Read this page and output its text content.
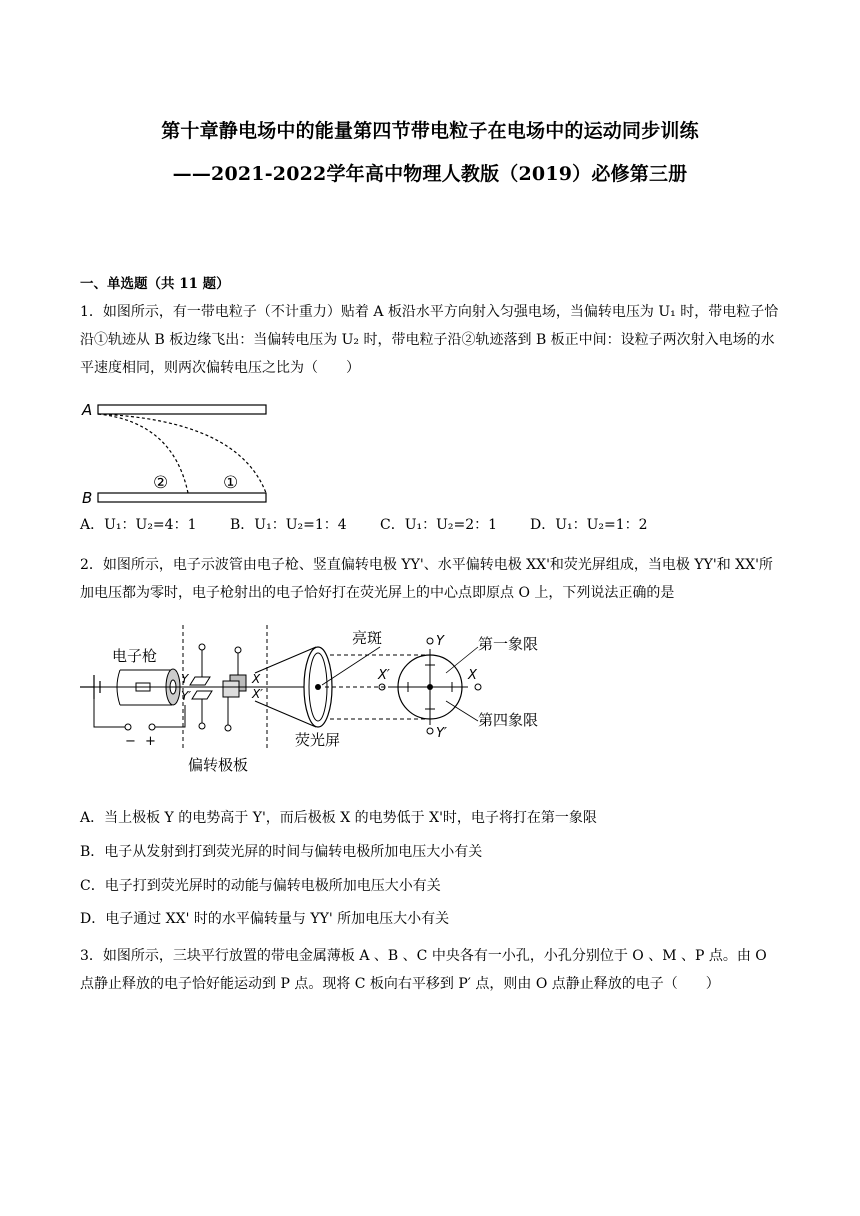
第十章静电场中的能量第四节带电粒子在电场中的运动同步训练
——2021-2022学年高中物理人教版（2019）必修第三册
一、单选题（共 11 题）
1．如图所示，有一带电粒子（不计重力）贴着 A 板沿水平方向射入匀强电场，当偏转电压为 U₁ 时，带电粒子恰沿①轨迹从 B 板边缘飞出：当偏转电压为 U₂ 时，带电粒子沿②轨迹落到 B 板正中间：设粒子两次射入电场的水平速度相同，则两次偏转电压之比为（　　）
A
B
②	①
A．U₁：U₂=4：1 B．U₁：U₂=1：4 C．U₁：U₂=2：1 D．U₁：U₂=1：2
2．如图所示，电子示波管由电子枪、竖直偏转电极 YY'、水平偏转电极 XX'和荧光屏组成，当电极 YY'和 XX'所加电压都为零时，电子枪射出的电子恰好打在荧光屏上的中心点即原点 O 上，下列说法正确的是
− +
电子枪
Y
Y′
X
X′
偏转极板
荧光屏
亮斑	Y
Y′
X
X′
第一象限
第四象限
A．当上极板 Y 的电势高于 Y'，而后极板 X 的电势低于 X'时，电子将打在第一象限
B．电子从发射到打到荧光屏的时间与偏转电极所加电压大小有关
C．电子打到荧光屏时的动能与偏转电极所加电压大小有关
D．电子通过 XX' 时的水平偏转量与 YY' 所加电压大小有关
3．如图所示，三块平行放置的带电金属薄板 A 、B 、C 中央各有一小孔，小孔分别位于 O 、M 、P 点。由 O 点静止释放的电子恰好能运动到 P 点。现将 C 板向右平移到 P′ 点，则由 O 点静止释放的电子（　　）
